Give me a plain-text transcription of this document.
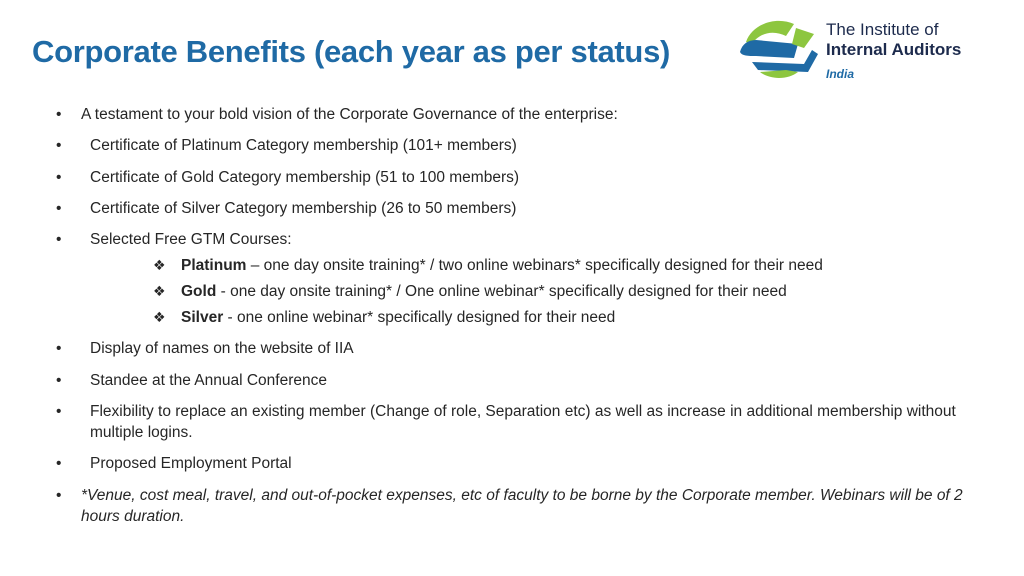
Corporate Benefits (each year as per status)
The Institute of
Internal Auditors
India
• A testament to your bold vision of the Corporate Governance of the enterprise:
• Certificate of Platinum Category membership (101+ members)
• Certificate of Gold Category membership (51 to 100 members)
• Certificate of Silver Category membership (26 to 50 members)
• Selected Free GTM Courses:
❖ Platinum – one day onsite training* / two online webinars* specifically designed for their need
❖ Gold - one day onsite training* / One online webinar* specifically designed for their need
❖ Silver - one online webinar* specifically designed for their need
• Display of names on the website of IIA
• Standee at the Annual Conference
• Flexibility to replace an existing member (Change of role, Separation etc) as well as increase in additional membership without multiple logins.
• Proposed Employment Portal
• *Venue, cost meal, travel, and out-of-pocket expenses, etc of faculty to be borne by the Corporate member. Webinars will be of 2 hours duration.
